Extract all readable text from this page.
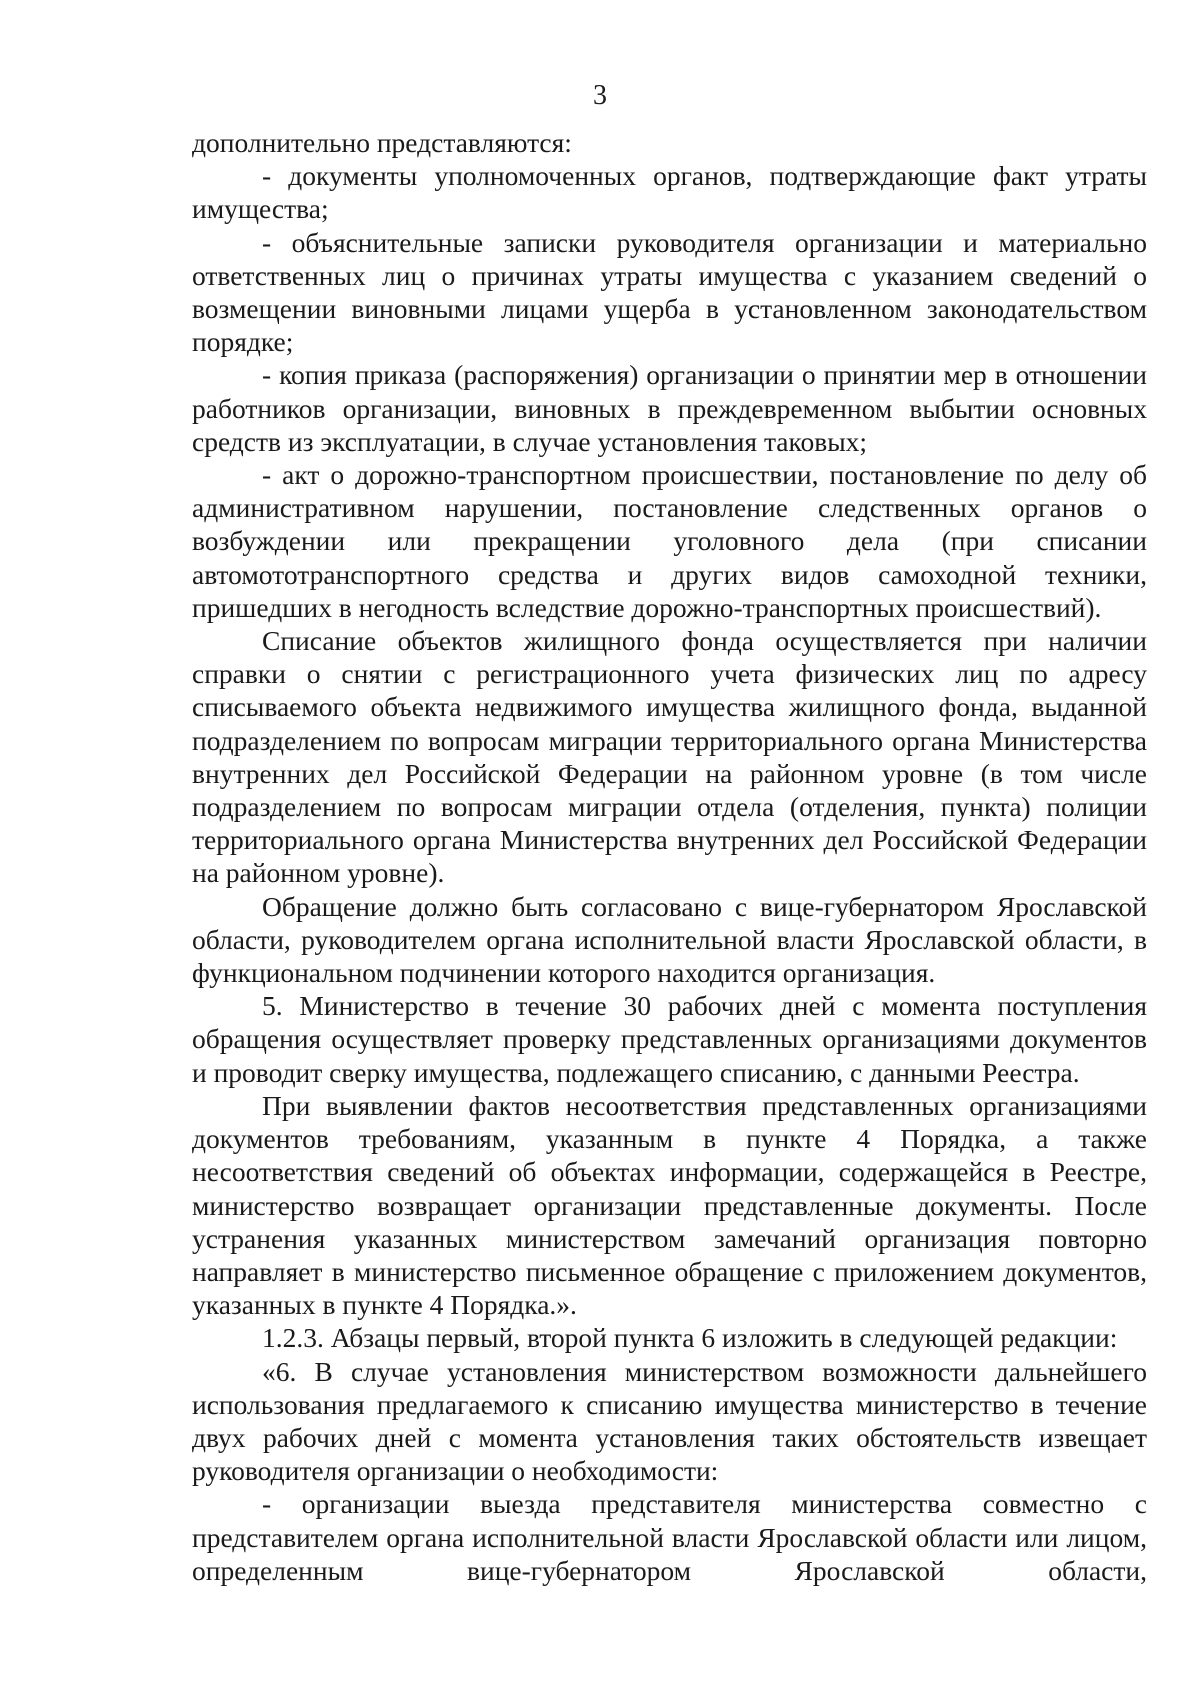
3

дополнительно представляются:

- документы уполномоченных органов, подтверждающие факт утраты имущества;

- объяснительные записки руководителя организации и материально ответственных лиц о причинах утраты имущества с указанием сведений о возмещении виновными лицами ущерба в установленном законодательством порядке;

- копия приказа (распоряжения) организации о принятии мер в отношении работников организации, виновных в преждевременном выбытии основных средств из эксплуатации, в случае установления таковых;

- акт о дорожно-транспортном происшествии, постановление по делу об административном нарушении, постановление следственных органов о возбуждении или прекращении уголовного дела (при списании автомототранспортного средства и других видов самоходной техники, пришедших в негодность вследствие дорожно-транспортных происшествий).

Списание объектов жилищного фонда осуществляется при наличии справки о снятии с регистрационного учета физических лиц по адресу списываемого объекта недвижимого имущества жилищного фонда, выданной подразделением по вопросам миграции территориального органа Министерства внутренних дел Российской Федерации на районном уровне (в том числе подразделением по вопросам миграции отдела (отделения, пункта) полиции территориального органа Министерства внутренних дел Российской Федерации на районном уровне).

Обращение должно быть согласовано с вице-губернатором Ярославской области, руководителем органа исполнительной власти Ярославской области, в функциональном подчинении которого находится организация.

5. Министерство в течение 30 рабочих дней с момента поступления обращения осуществляет проверку представленных организациями документов и проводит сверку имущества, подлежащего списанию, с данными Реестра.

При выявлении фактов несоответствия представленных организациями документов требованиям, указанным в пункте 4 Порядка, а также несоответствия сведений об объектах информации, содержащейся в Реестре, министерство возвращает организации представленные документы. После устранения указанных министерством замечаний организация повторно направляет в министерство письменное обращение с приложением документов, указанных в пункте 4 Порядка.».

1.2.3. Абзацы первый, второй пункта 6 изложить в следующей редакции:

«6. В случае установления министерством возможности дальнейшего использования предлагаемого к списанию имущества министерство в течение двух рабочих дней с момента установления таких обстоятельств извещает руководителя организации о необходимости:

- организации выезда представителя министерства совместно с представителем органа исполнительной власти Ярославской области или лицом, определенным вице-губернатором Ярославской области,
